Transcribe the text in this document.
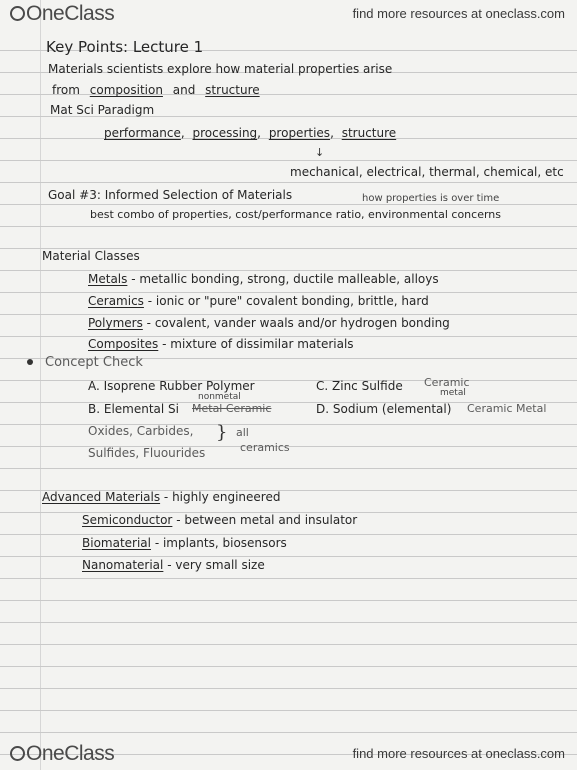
OneClass	find more resources at oneclass.com
Key Points: Lecture 1
Materials scientists explore how material properties arise
from composition and structure
Mat Sci Paradigm
performance, processing, properties, structure
↓
mechanical, electrical, thermal, chemical, etc
Goal #3: Informed Selection of Materials	how properties is over time
best combo of properties, cost/performance ratio, environmental concerns
Material Classes
Metals - metallic bonding, strong, ductile malleable, alloys
Ceramics - ionic or "pure" covalent bonding, brittle, hard
Polymers - covalent, vander waals and/or hydrogen bonding
Composites - mixture of dissimilar materials
Concept Check
A. Isoprene Rubber Polymer	C. Zinc Sulfide Ceramic
metal
nonmetal
B. Elemental Si Metal Ceramic	D. Sodium (elemental) Ceramic Metal
Oxides, Carbides,
Sulfides, Fluourides
} all
ceramics
Advanced Materials - highly engineered
Semiconductor - between metal and insulator
Biomaterial - implants, biosensors
Nanomaterial - very small size
OneClass	find more resources at oneclass.com
